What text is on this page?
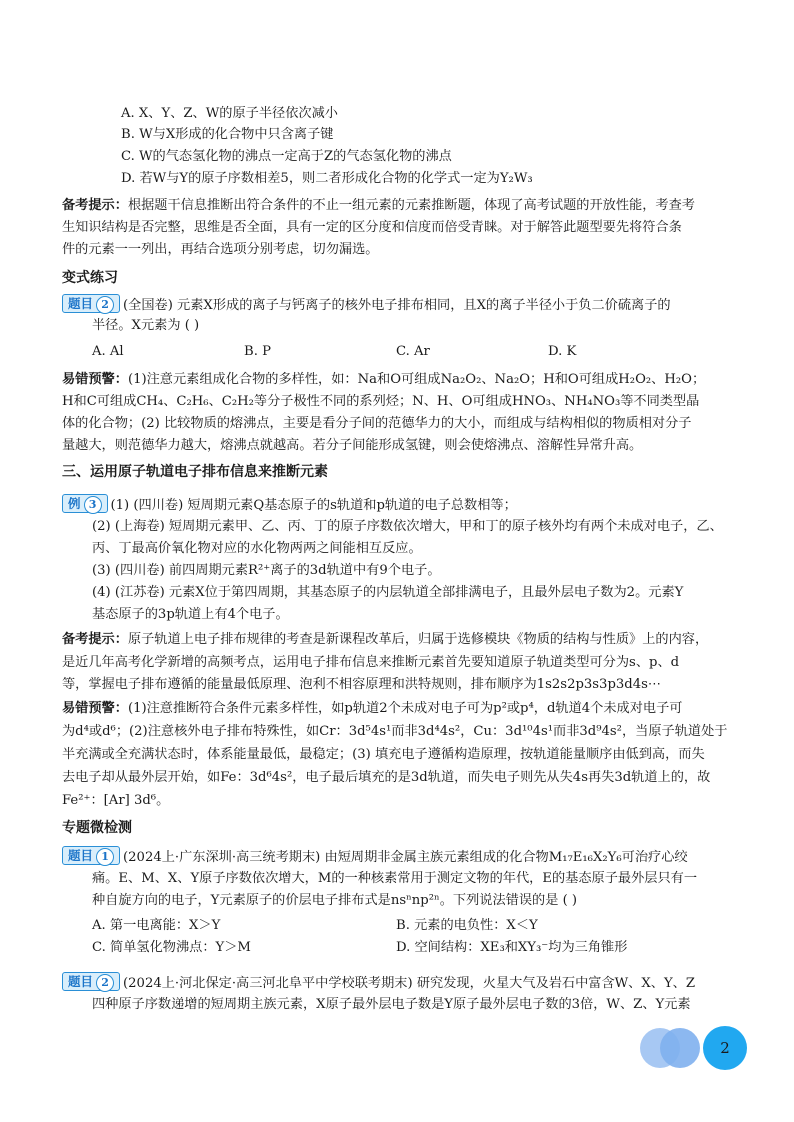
A. X、Y、Z、W的原子半径依次减小
B. W与X形成的化合物中只含离子键
C. W的气态氢化物的沸点一定高于Z的气态氢化物的沸点
D. 若W与Y的原子序数相差5，则二者形成化合物的化学式一定为Y₂W₃
备考提示：根据题干信息推断出符合条件的不止一组元素的元素推断题，体现了高考试题的开放性能，考查考
生知识结构是否完整，思维是否全面，具有一定的区分度和信度而倍受青睐。对于解答此题型要先将符合条
件的元素一一列出，再结合选项分别考虑，切勿漏选。
变式练习
题目 2 (全国卷) 元素X形成的离子与钙离子的核外电子排布相同，且X的离子半径小于负二价硫离子的
半径。X元素为 ( )
A. Al	B. P	C. Ar	D. K
易错预警：(1)注意元素组成化合物的多样性，如：Na和O可组成Na₂O₂、Na₂O；H和O可组成H₂O₂、H₂O；
H和C可组成CH₄、C₂H₆、C₂H₂等分子极性不同的系列烃；N、H、O可组成HNO₃、NH₄NO₃等不同类型晶
体的化合物；(2) 比较物质的熔沸点，主要是看分子间的范德华力的大小，而组成与结构相似的物质相对分子
量越大，则范德华力越大，熔沸点就越高。若分子间能形成氢键，则会使熔沸点、溶解性异常升高。
三、运用原子轨道电子排布信息来推断元素
例 3 (1) (四川卷) 短周期元素Q基态原子的s轨道和p轨道的电子总数相等；
(2) (上海卷) 短周期元素甲、乙、丙、丁的原子序数依次增大，甲和丁的原子核外均有两个未成对电子，乙、
丙、丁最高价氧化物对应的水化物两两之间能相互反应。
(3) (四川卷) 前四周期元素R²⁺离子的3d轨道中有9个电子。
(4) (江苏卷) 元素X位于第四周期，其基态原子的内层轨道全部排满电子，且最外层电子数为2。元素Y
基态原子的3p轨道上有4个电子。
备考提示：原子轨道上电子排布规律的考查是新课程改革后，归属于选修模块《物质的结构与性质》上的内容，
是近几年高考化学新增的高频考点，运用电子排布信息来推断元素首先要知道原子轨道类型可分为s、p、d
等，掌握电子排布遵循的能量最低原理、泡利不相容原理和洪特规则，排布顺序为1s2s2p3s3p3d4s⋯
易错预警：(1)注意推断符合条件元素多样性，如p轨道2个未成对电子可为p²或p⁴，d轨道4个未成对电子可
为d⁴或d⁶；(2)注意核外电子排布特殊性，如Cr：3d⁵4s¹而非3d⁴4s²，Cu：3d¹⁰4s¹而非3d⁹4s²，当原子轨道处于
半充满或全充满状态时，体系能量最低，最稳定；(3) 填充电子遵循构造原理，按轨道能量顺序由低到高，而失
去电子却从最外层开始，如Fe：3d⁶4s²，电子最后填充的是3d轨道，而失电子则先从失4s再失3d轨道上的，故
Fe²⁺：[Ar] 3d⁶。
专题微检测
题目 1 (2024上·广东深圳·高三统考期末) 由短周期非金属主族元素组成的化合物M₁₇E₁₆X₂Y₆可治疗心绞
痛。E、M、X、Y原子序数依次增大，M的一种核素常用于测定文物的年代，E的基态原子最外层只有一
种自旋方向的电子，Y元素原子的价层电子排布式是nsⁿnp²ⁿ。下列说法错误的是 ( )
A. 第一电离能：X＞Y	B. 元素的电负性：X＜Y
C. 简单氢化物沸点：Y＞M	D. 空间结构：XE₃和XY₃⁻均为三角锥形
题目 2 (2024上·河北保定·高三河北阜平中学校联考期末) 研究发现，火星大气及岩石中富含W、X、Y、Z
四种原子序数递增的短周期主族元素，X原子最外层电子数是Y原子最外层电子数的3倍，W、Z、Y元素
2
